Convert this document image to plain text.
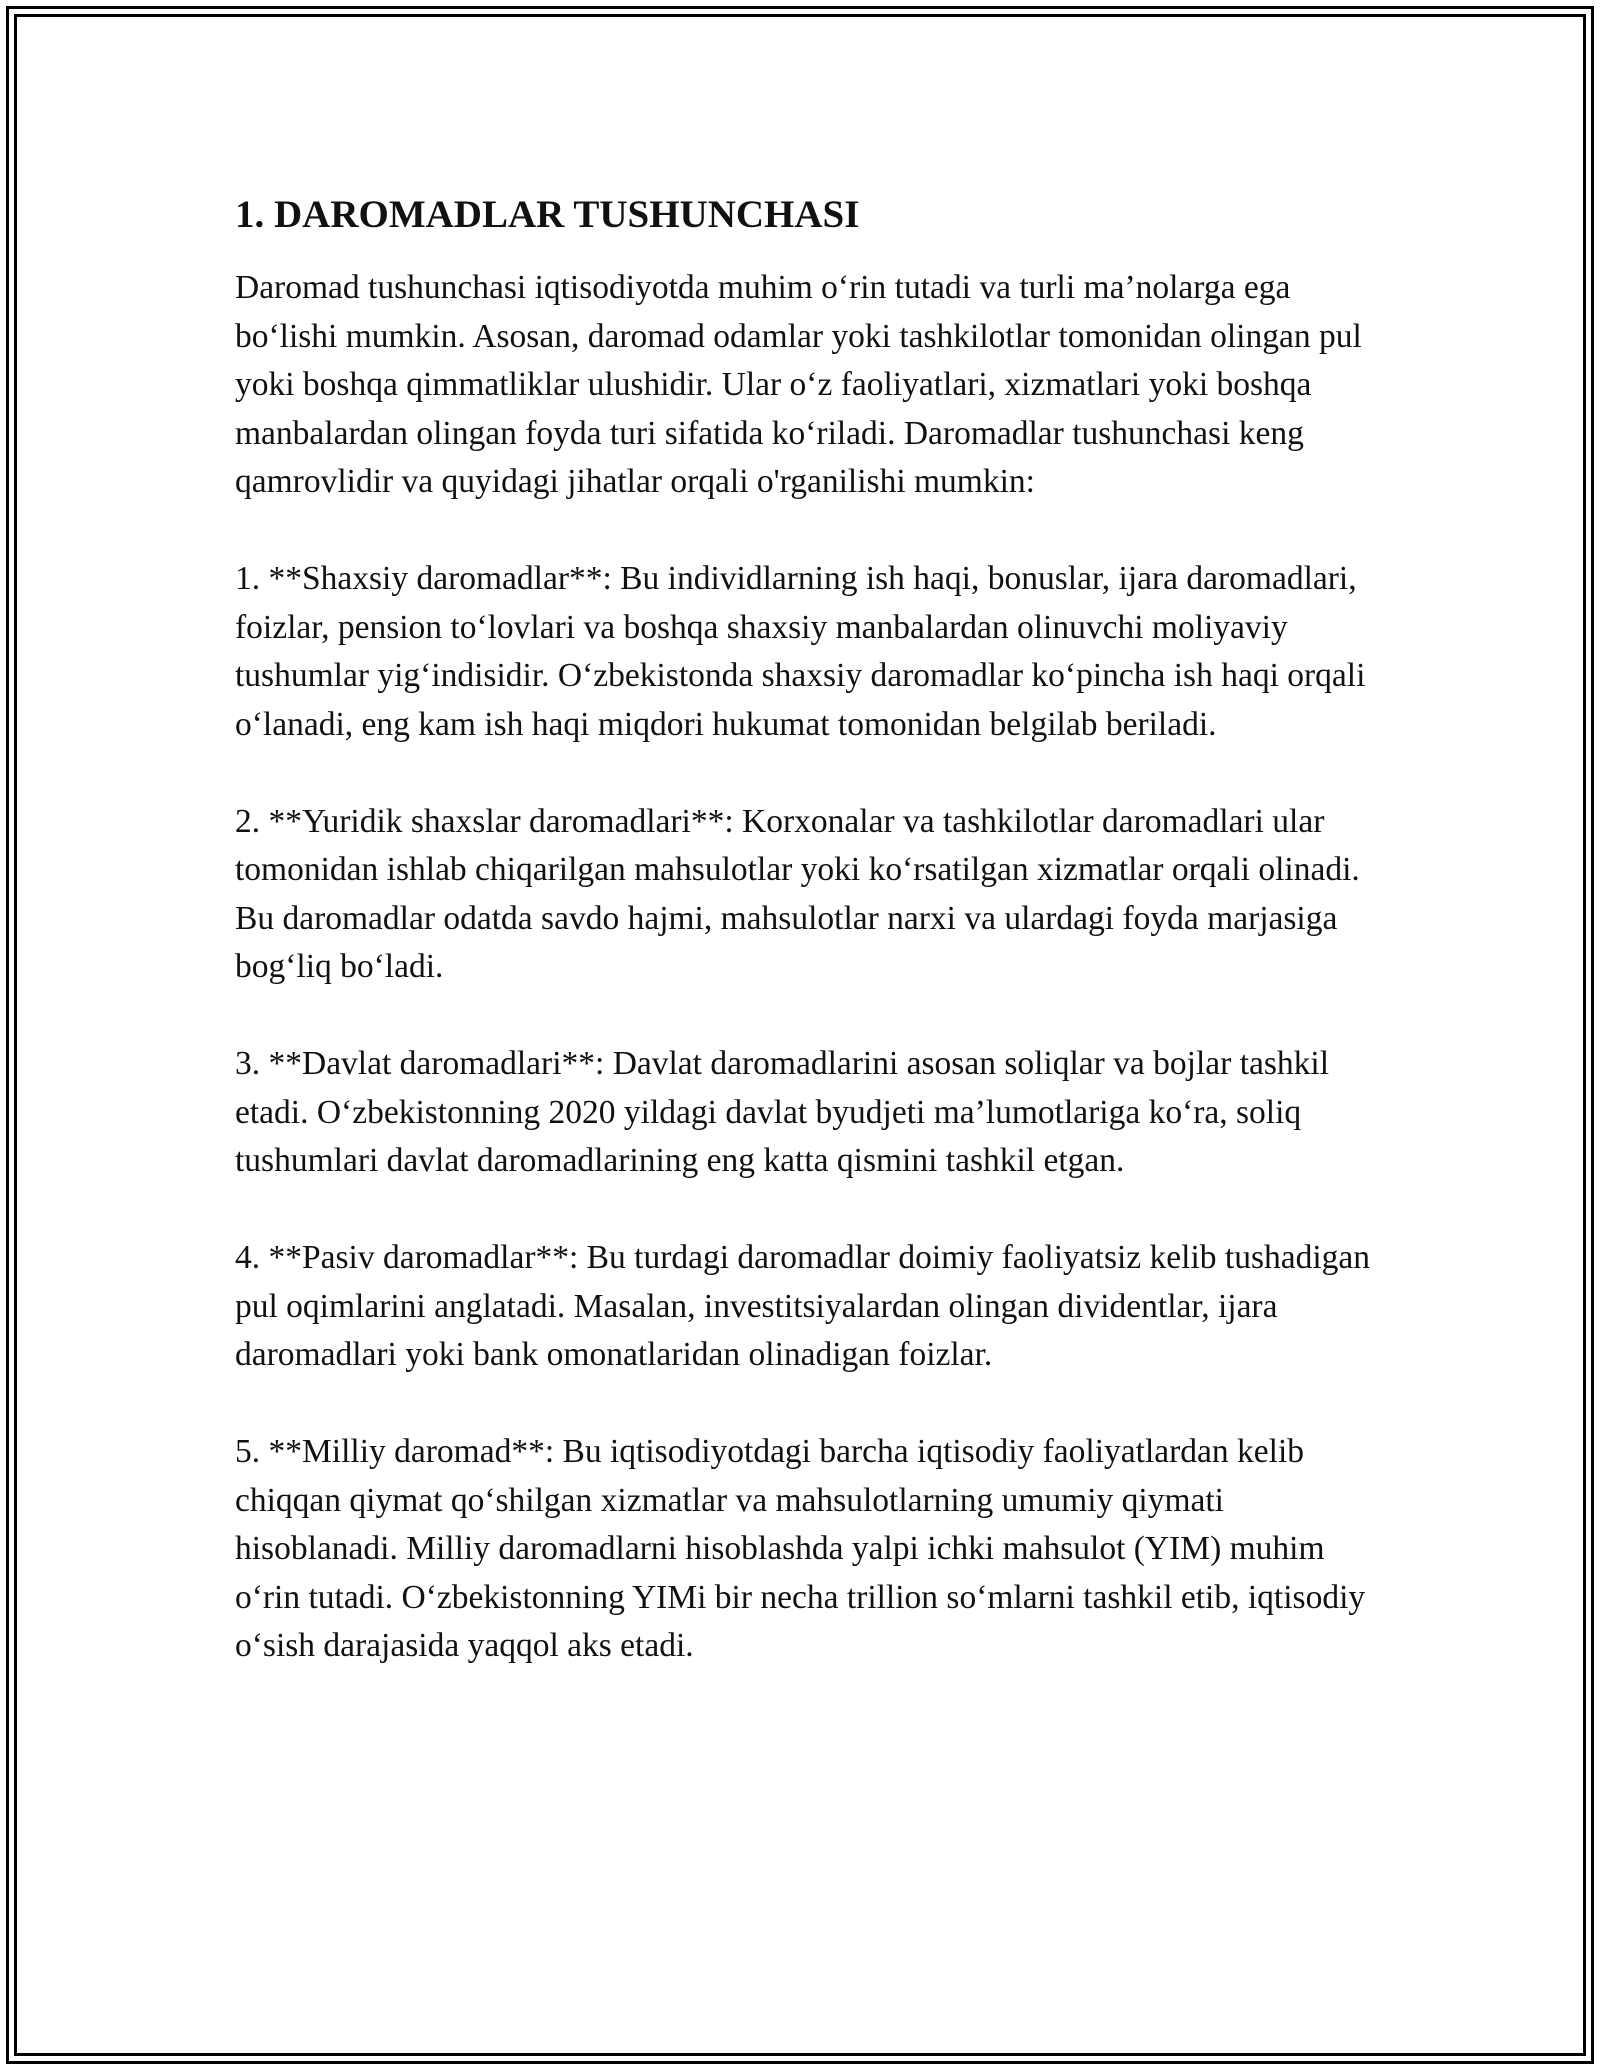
1. DAROMADLAR TUSHUNCHASI

Daromad tushunchasi iqtisodiyotda muhim o‘rin tutadi va turli ma’nolarga ega bo‘lishi mumkin. Asosan, daromad odamlar yoki tashkilotlar tomonidan olingan pul yoki boshqa qimmatliklar ulushidir. Ular o‘z faoliyatlari, xizmatlari yoki boshqa manbalardan olingan foyda turi sifatida ko‘riladi. Daromadlar tushunchasi keng qamrovlidir va quyidagi jihatlar orqali o'rganilishi mumkin:

1. **Shaxsiy daromadlar**: Bu individlarning ish haqi, bonuslar, ijara daromadlari, foizlar, pension to‘lovlari va boshqa shaxsiy manbalardan olinuvchi moliyaviy tushumlar yig‘indisidir. O‘zbekistonda shaxsiy daromadlar ko‘pincha ish haqi orqali o‘lanadi, eng kam ish haqi miqdori hukumat tomonidan belgilab beriladi.

2. **Yuridik shaxslar daromadlari**: Korxonalar va tashkilotlar daromadlari ular tomonidan ishlab chiqarilgan mahsulotlar yoki ko‘rsatilgan xizmatlar orqali olinadi. Bu daromadlar odatda savdo hajmi, mahsulotlar narxi va ulardagi foyda marjasiga bog‘liq bo‘ladi.

3. **Davlat daromadlari**: Davlat daromadlarini asosan soliqlar va bojlar tashkil etadi. O‘zbekistonning 2020 yildagi davlat byudjeti ma’lumotlariga ko‘ra, soliq tushumlari davlat daromadlarining eng katta qismini tashkil etgan.

4. **Pasiv daromadlar**: Bu turdagi daromadlar doimiy faoliyatsiz kelib tushadigan pul oqimlarini anglatadi. Masalan, investitsiyalardan olingan dividentlar, ijara daromadlari yoki bank omonatlaridan olinadigan foizlar.

5. **Milliy daromad**: Bu iqtisodiyotdagi barcha iqtisodiy faoliyatlardan kelib chiqqan qiymat qo‘shilgan xizmatlar va mahsulotlarning umumiy qiymati hisoblanadi. Milliy daromadlarni hisoblashda yalpi ichki mahsulot (YIM) muhim o‘rin tutadi. O‘zbekistonning YIMi bir necha trillion so‘mlarni tashkil etib, iqtisodiy o‘sish darajasida yaqqol aks etadi.
